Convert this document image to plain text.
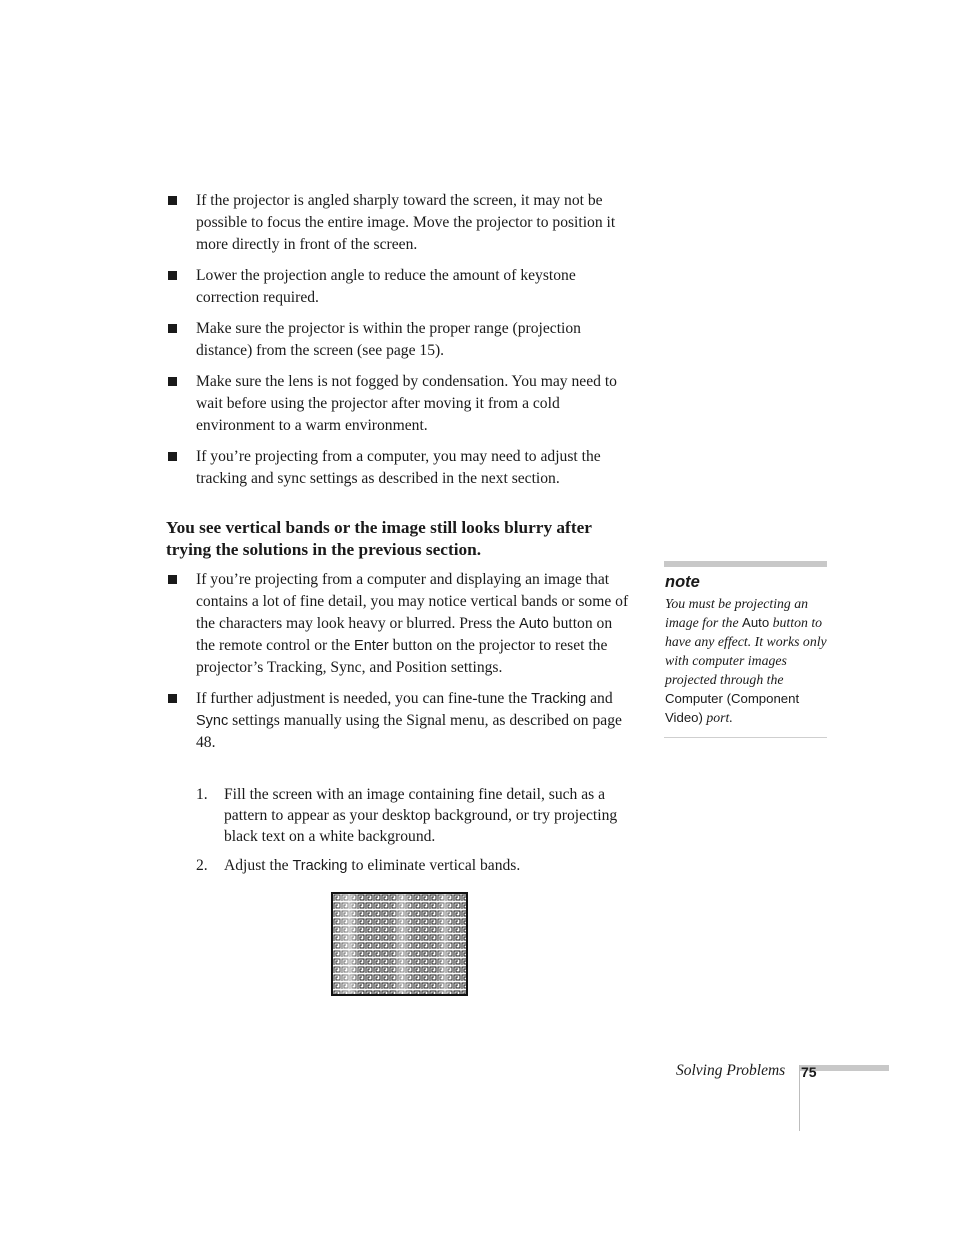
If the projector is angled sharply toward the screen, it may not be possible to focus the entire image. Move the projector to position it more directly in front of the screen.
Lower the projection angle to reduce the amount of keystone correction required.
Make sure the projector is within the proper range (projection distance) from the screen (see page 15).
Make sure the lens is not fogged by condensation. You may need to wait before using the projector after moving it from a cold environment to a warm environment.
If you’re projecting from a computer, you may need to adjust the tracking and sync settings as described in the next section.
You see vertical bands or the image still looks blurry after trying the solutions in the previous section.
If you’re projecting from a computer and displaying an image that contains a lot of fine detail, you may notice vertical bands or some of the characters may look heavy or blurred. Press the Auto button on the remote control or the Enter button on the projector to reset the projector’s Tracking, Sync, and Position settings.
If further adjustment is needed, you can fine-tune the Tracking and Sync settings manually using the Signal menu, as described on page 48.
1. Fill the screen with an image containing fine detail, such as a pattern to appear as your desktop background, or try projecting black text on a white background.
2. Adjust the Tracking to eliminate vertical bands.
note

You must be projecting an image for the Auto button to have any effect. It works only with computer images projected through the Computer (Component Video) port.

Solving Problems 75
